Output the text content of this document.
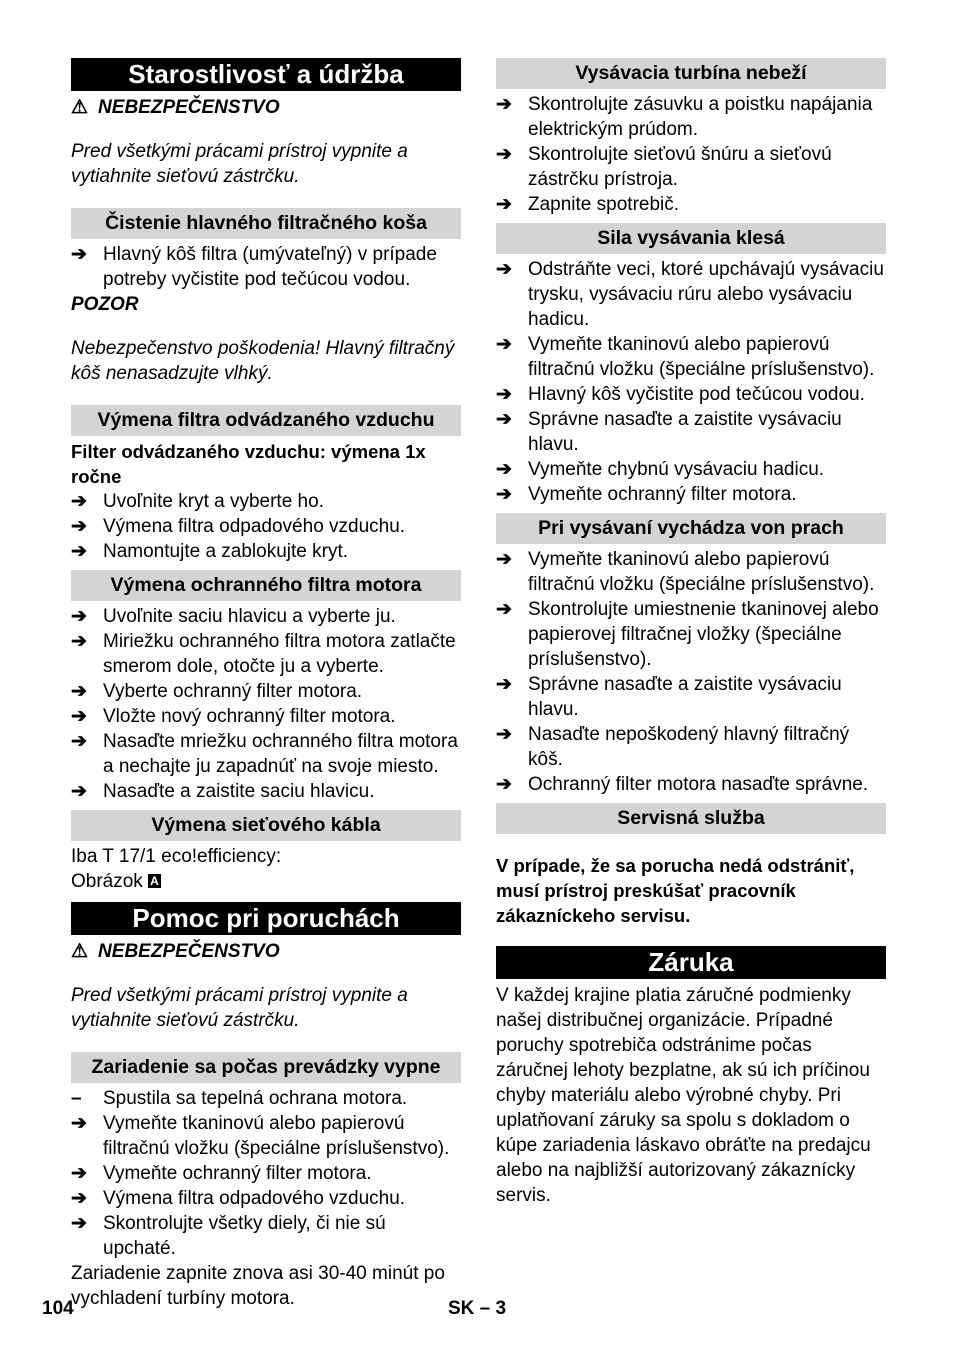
Starostlivosť a údržba
⚠ NEBEZPEČENSTVO

Pred všetkými prácami prístroj vypnite a vytiahnite sieťovú zástrčku.

Čistenie hlavného filtračného koša
➔ Hlavný kôš filtra (umývateľný) v prípade potreby vyčistite pod tečúcou vodou.
POZOR

Nebezpečenstvo poškodenia! Hlavný filtračný kôš nenasadzujte vlhký.

Výmena filtra odvádzaného vzduchu
Filter odvádzaného vzduchu: výmena 1x ročne
➔ Uvoľnite kryt a vyberte ho.
➔ Výmena filtra odpadového vzduchu.
➔ Namontujte a zablokujte kryt.
Výmena ochranného filtra motora
➔ Uvoľnite saciu hlavicu a vyberte ju.
➔ Miriežku ochranného filtra motora zatlačte smerom dole, otočte ju a vyberte.
➔ Vyberte ochranný filter motora.
➔ Vložte nový ochranný filter motora.
➔ Nasaďte mriežku ochranného filtra motora a nechajte ju zapadnúť na svoje miesto.
➔ Nasaďte a zaistite saciu hlavicu.
Výmena sieťového kábla

Iba T 17/1 eco!efficiency:

Obrázok A

Pomoc pri poruchách
⚠ NEBEZPEČENSTVO

Pred všetkými prácami prístroj vypnite a vytiahnite sieťovú zástrčku.

Zariadenie sa počas prevádzky vypne
–	Spustila sa tepelná ochrana motora.
➔ Vymeňte tkaninovú alebo papierovú filtračnú vložku (špeciálne príslušenstvo).
➔ Vymeňte ochranný filter motora.
➔ Výmena filtra odpadového vzduchu.
➔ Skontrolujte všetky diely, či nie sú upchaté.

Zariadenie zapnite znova asi 30-40 minút po vychladení turbíny motora.

Vysávacia turbína nebeží
➔ Skontrolujte zásuvku a poistku napájania elektrickým prúdom.
➔ Skontrolujte sieťovú šnúru a sieťovú zástrčku prístroja.
➔ Zapnite spotrebič.
Sila vysávania klesá
➔ Odstráňte veci, ktoré upchávajú vysávaciu trysku, vysávaciu rúru alebo vysávaciu hadicu.
➔ Vymeňte tkaninovú alebo papierovú filtračnú vložku (špeciálne príslušenstvo).
➔ Hlavný kôš vyčistite pod tečúcou vodou.
➔ Správne nasaďte a zaistite vysávaciu hlavu.
➔ Vymeňte chybnú vysávaciu hadicu.
➔ Vymeňte ochranný filter motora.
Pri vysávaní vychádza von prach
➔ Vymeňte tkaninovú alebo papierovú filtračnú vložku (špeciálne príslušenstvo).
➔ Skontrolujte umiestnenie tkaninovej alebo papierovej filtračnej vložky (špeciálne príslušenstvo).
➔ Správne nasaďte a zaistite vysávaciu hlavu.
➔ Nasaďte nepoškodený hlavný filtračný kôš.
➔ Ochranný filter motora nasaďte správne.
Servisná služba

V prípade, že sa porucha nedá odstrániť, musí prístroj preskúšať pracovník zákazníckeho servisu.

Záruka

V každej krajine platia záručné podmienky našej distribučnej organizácie. Prípadné poruchy spotrebiča odstránime počas záručnej lehoty bezplatne, ak sú ich príčinou chyby materiálu alebo výrobné chyby. Pri uplatňovaní záruky sa spolu s dokladom o kúpe zariadenia láskavo obráťte na predajcu alebo na najbližší autorizovaný zákaznícky servis.

104	SK – 3
